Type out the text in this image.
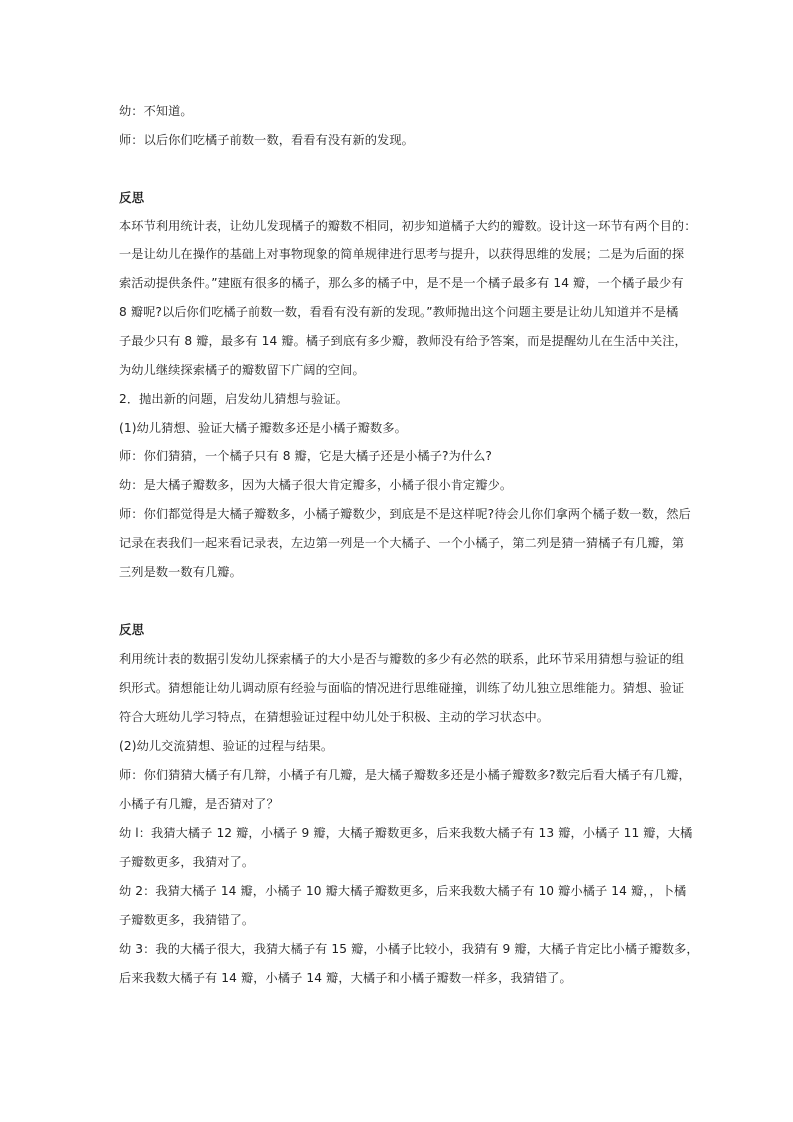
幼：不知道。
师：以后你们吃橘子前数一数，看看有没有新的发现。
反思
本环节利用统计表，让幼儿发现橘子的瓣数不相同，初步知道橘子大约的瓣数。设计这一环节有两个目的：
一是让幼儿在操作的基础上对事物现象的简单规律进行思考与提升，以获得思维的发展；二是为后面的探
索活动提供条件。”建瓯有很多的橘子，那么多的橘子中，是不是一个橘子最多有 14 瓣，一个橘子最少有
8 瓣呢?以后你们吃橘子前数一数，看看有没有新的发现。”教师抛出这个问题主要是让幼儿知道并不是橘
子最少只有 8 瓣，最多有 14 瓣。橘子到底有多少瓣，教师没有给予答案，而是提醒幼儿在生活中关注，
为幼儿继续探索橘子的瓣数留下广阔的空间。
2．抛出新的问题，启发幼儿猜想与验证。
(1)幼儿猜想、验证大橘子瓣数多还是小橘子瓣数多。
师：你们猜猜，一个橘子只有 8 瓣，它是大橘子还是小橘子?为什么?
幼：是大橘子瓣数多，因为大橘子很大肯定瓣多，小橘子很小肯定瓣少。
师：你们都觉得是大橘子瓣数多，小橘子瓣数少，到底是不是这样呢?待会儿你们拿两个橘子数一数，然后
记录在表我们一起来看记录表，左边第一列是一个大橘子、一个小橘子，第二列是猜一猜橘子有几瓣，第
三列是数一数有几瓣。
反思
利用统计表的数据引发幼儿探索橘子的大小是否与瓣数的多少有必然的联系，此环节采用猜想与验证的组
织形式。猜想能让幼儿调动原有经验与面临的情况进行思维碰撞，训练了幼儿独立思维能力。猜想、验证
符合大班幼儿学习特点，在猜想验证过程中幼儿处于积极、主动的学习状态中。
(2)幼儿交流猜想、验证的过程与结果。
师：你们猜猜大橘子有几辩，小橘子有几瓣，是大橘子瓣数多还是小橘子瓣数多?数完后看大橘子有几瓣，
小橘子有几瓣，是否猜对了？
幼 l：我猜大橘子 12 瓣，小橘子 9 瓣，大橘子瓣数更多，后来我数大橘子有 13 瓣，小橘子 11 瓣，大橘
子瓣数更多，我猜对了。
幼 2：我猜大橘子 14 瓣，小橘子 10 瓣大橘子瓣数更多，后来我数大橘子有 10 瓣小橘子 14 瓣，，卜橘
子瓣数更多，我猜错了。
幼 3：我的大橘子很大，我猜大橘子有 15 瓣，小橘子比较小，我猜有 9 瓣，大橘子肯定比小橘子瓣数多，
后来我数大橘子有 14 瓣，小橘子 14 瓣，大橘子和小橘子瓣数一样多，我猜错了。
